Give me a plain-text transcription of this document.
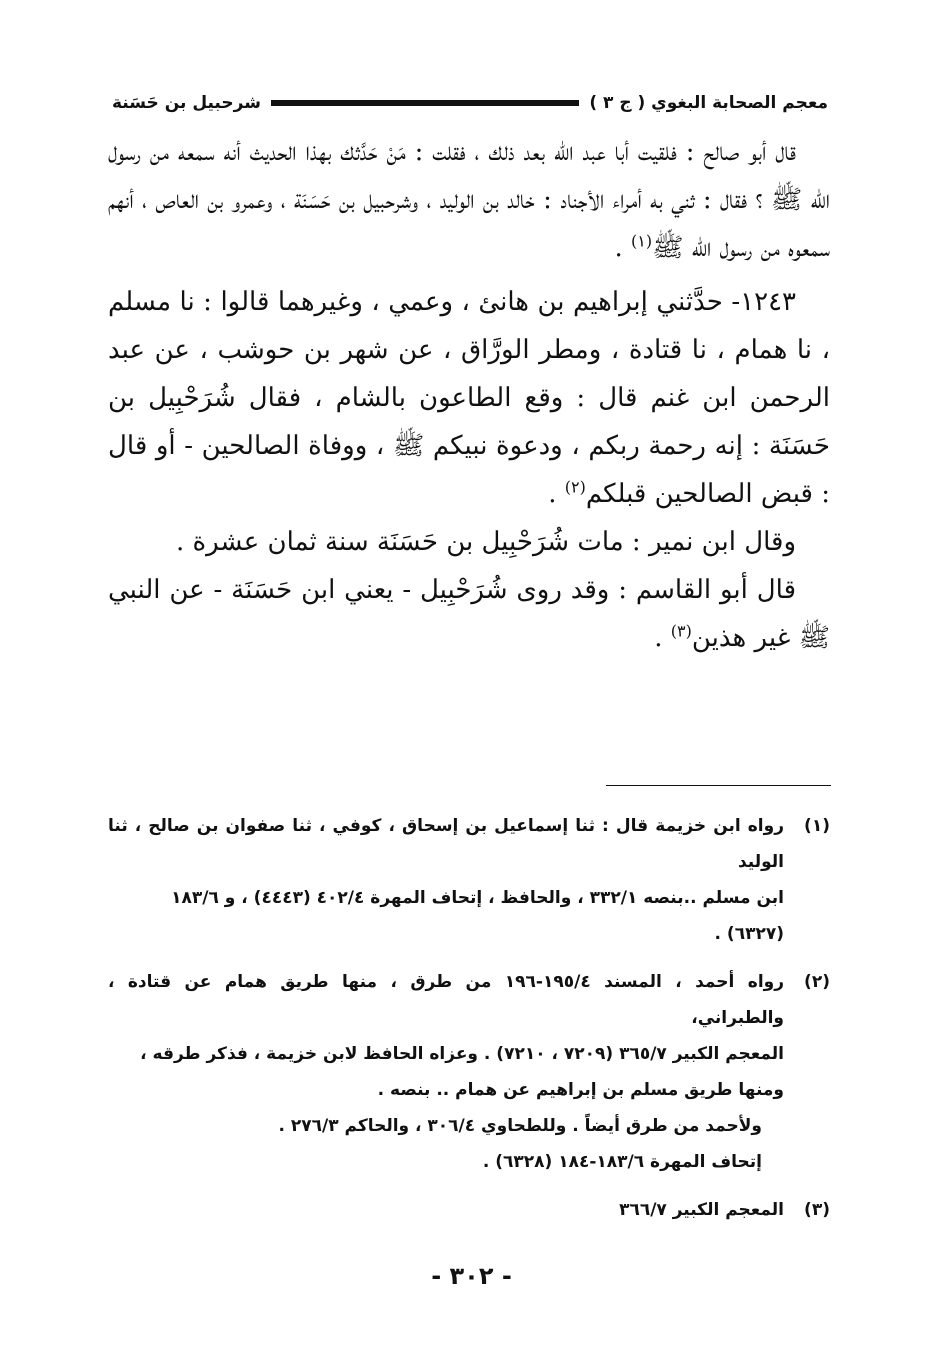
معجم الصحابة البغوي ( ج ٣ )
شرحبيل بن حَسَنة

قال أبو صالح : فلقيت أبا عبد الله بعد ذلك ، فقلت : مَنْ حَدَّثك بهذا الحديث أنه سمعه من رسول الله ﷺ ؟ فقال : ثني به أمراء الأجناد : خالد بن الوليد ، وشرحبيل بن حَسَنَة ، وعمرو بن العاص ، أنهم سمعوه من رسول الله ﷺ$^{(١)}$ .

١٢٤٣- حدَّثني إبراهيم بن هانئ ، وعمي ، وغيرهما قالوا : نا مسلم ، نا همام ، نا قتادة ، ومطر الورَّاق ، عن شهر بن حوشب ، عن عبد الرحمن ابن غنم قال : وقع الطاعون بالشام ، فقال شُرَحْبِيل بن حَسَنَة : إنه رحمة ربكم ، ودعوة نبيكم ﷺ ، ووفاة الصالحين - أو قال : قبض الصالحين قبلكم$^{(٢)}$ .

وقال ابن نمير : مات شُرَحْبِيل بن حَسَنَة سنة ثمان عشرة .

قال أبو القاسم : وقد روى شُرَحْبِيل - يعني ابن حَسَنَة - عن النبي ﷺ غير هذين$^{(٣)}$ .

(١)
رواه ابن خزيمة قال : ثنا إسماعيل بن إسحاق ، كوفي ، ثنا صفوان بن صالح ، ثنا الوليد
ابن مسلم ..بنصه ٣٣٢/١ ، والحافظ ، إتحاف المهرة ٤٠٢/٤ (٤٤٤٣) ، و ١٨٣/٦
(٦٣٢٧) .
(٢)
رواه أحمد ، المسند ١٩٥/٤-١٩٦ من طرق ، منها طريق همام عن قتادة ، والطبراني،
المعجم الكبير ٣٦٥/٧ (٧٢٠٩ ، ٧٢١٠) . وعزاه الحافظ لابن خزيمة ، فذكر طرقه ،
ومنها طريق مسلم بن إبراهيم عن همام .. بنصه .
ولأحمد من طرق أيضاً . وللطحاوي ٣٠٦/٤ ، والحاكم ٢٧٦/٣ .
إتحاف المهرة ١٨٣/٦-١٨٤ (٦٣٢٨) .
(٣)
المعجم الكبير ٣٦٦/٧
- ٣٠٢ -
